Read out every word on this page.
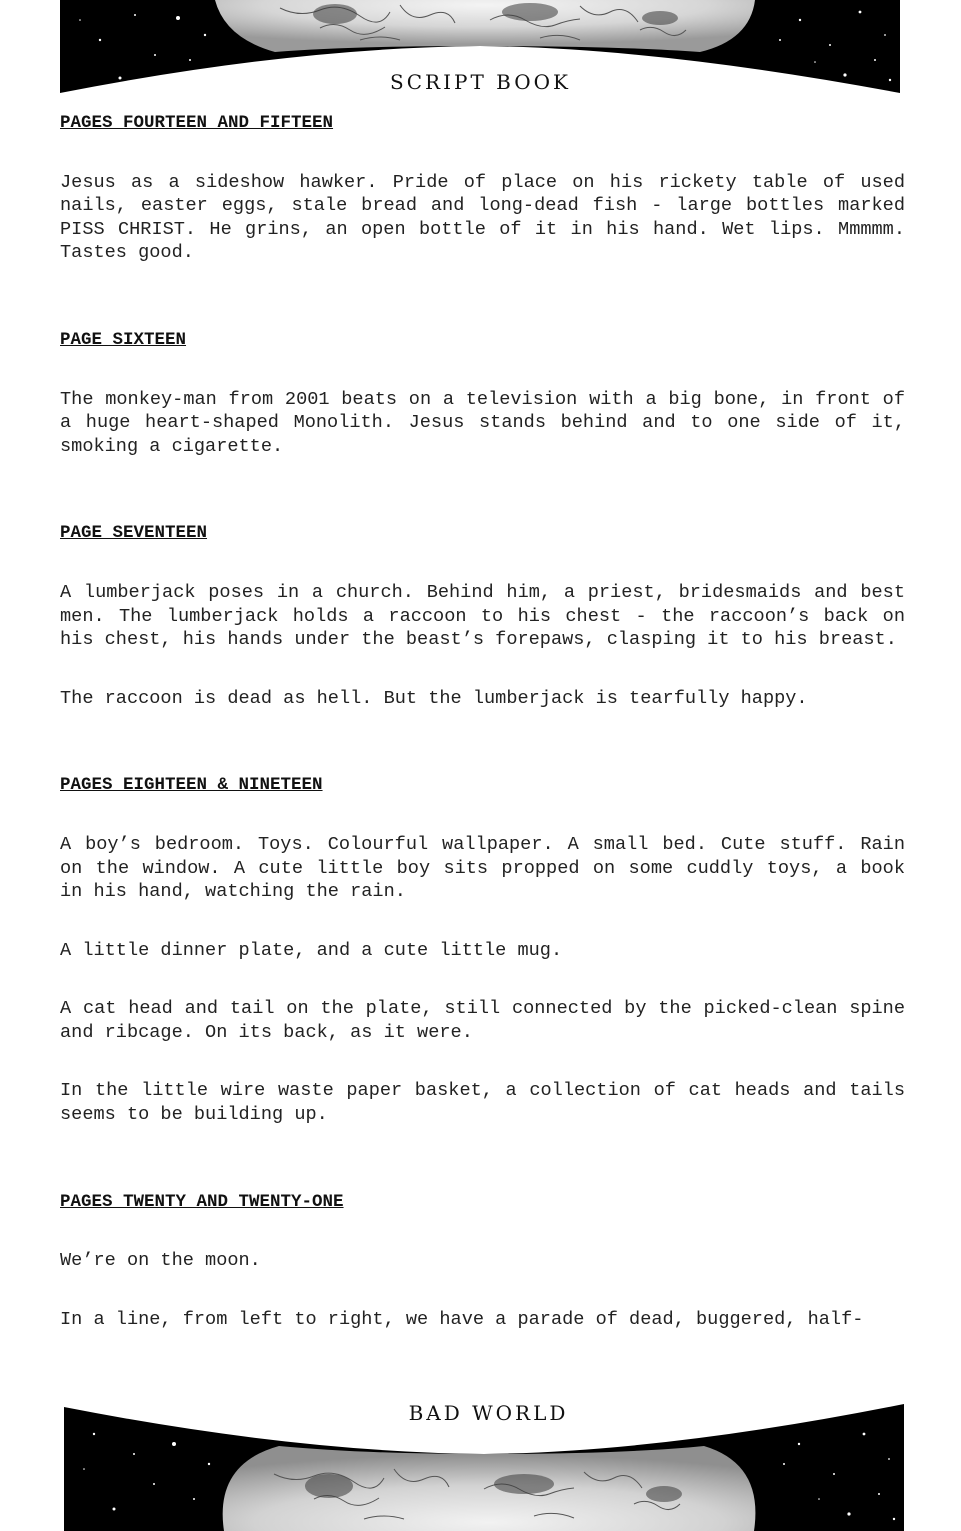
SCRIPT BOOK
PAGES FOURTEEN AND FIFTEEN

Jesus as a sideshow hawker. Pride of place on his rickety table of used nails, easter eggs, stale bread and long-dead fish - large bottles marked PISS CHRIST. He grins, an open bottle of it in his hand. Wet lips. Mmmmm. Tastes good.

PAGE SIXTEEN

The monkey-man from 2001 beats on a television with a big bone, in front of a huge heart-shaped Monolith. Jesus stands behind and to one side of it, smoking a cigarette.

PAGE SEVENTEEN

A lumberjack poses in a church. Behind him, a priest, bridesmaids and best men. The lumberjack holds a raccoon to his chest - the raccoon’s back on his chest, his hands under the beast’s forepaws, clasping it to his breast.

The raccoon is dead as hell. But the lumberjack is tearfully happy.

PAGES EIGHTEEN & NINETEEN

A boy’s bedroom. Toys. Colourful wallpaper. A small bed. Cute stuff. Rain on the window. A cute little boy sits propped on some cuddly toys, a book in his hand, watching the rain.

A little dinner plate, and a cute little mug.

A cat head and tail on the plate, still connected by the picked-clean spine and ribcage. On its back, as it were.

In the little wire waste paper basket, a collection of cat heads and tails seems to be building up.

PAGES TWENTY AND TWENTY-ONE

We’re on the moon.

In a line, from left to right, we have a parade of dead, buggered, half-

BAD WORLD
